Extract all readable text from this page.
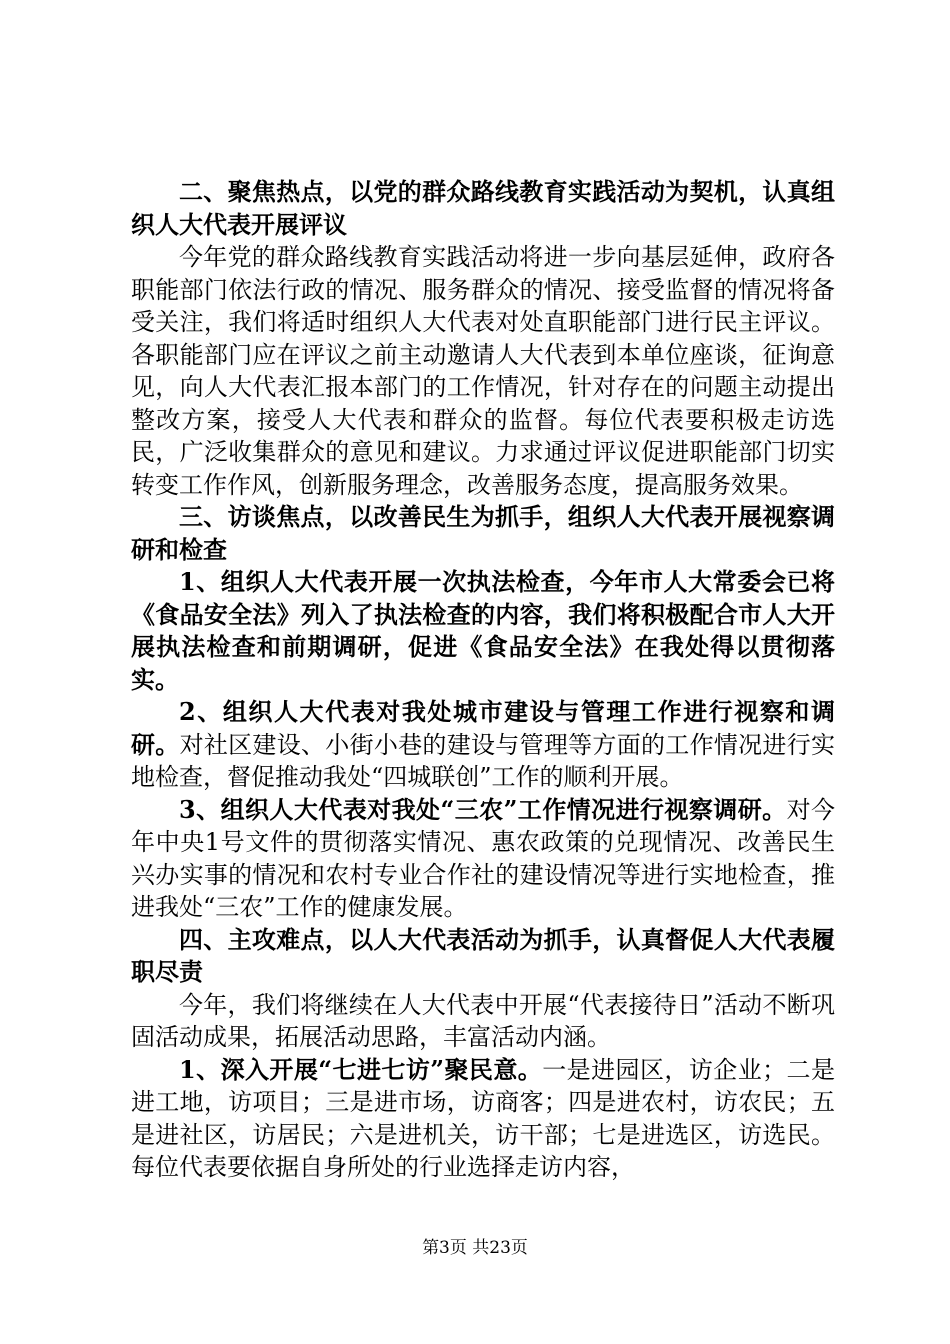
二、聚焦热点，以党的群众路线教育实践活动为契机，认真组织人大代表开展评议

今年党的群众路线教育实践活动将进一步向基层延伸，政府各职能部门依法行政的情况、服务群众的情况、接受监督的情况将备受关注，我们将适时组织人大代表对处直职能部门进行民主评议。各职能部门应在评议之前主动邀请人大代表到本单位座谈，征询意见，向人大代表汇报本部门的工作情况，针对存在的问题主动提出整改方案，接受人大代表和群众的监督。每位代表要积极走访选民，广泛收集群众的意见和建议。力求通过评议促进职能部门切实转变工作作风，创新服务理念，改善服务态度，提高服务效果。

三、访谈焦点，以改善民生为抓手，组织人大代表开展视察调研和检查

1、组织人大代表开展一次执法检查，今年市人大常委会已将《食品安全法》列入了执法检查的内容，我们将积极配合市人大开展执法检查和前期调研，促进《食品安全法》在我处得以贯彻落实。

2、组织人大代表对我处城市建设与管理工作进行视察和调研。对社区建设、小街小巷的建设与管理等方面的工作情况进行实地检查，督促推动我处“四城联创”工作的顺利开展。

3、组织人大代表对我处“三农”工作情况进行视察调研。对今年中央1号文件的贯彻落实情况、惠农政策的兑现情况、改善民生兴办实事的情况和农村专业合作社的建设情况等进行实地检查，推进我处“三农”工作的健康发展。

四、主攻难点，以人大代表活动为抓手，认真督促人大代表履职尽责

今年，我们将继续在人大代表中开展“代表接待日”活动不断巩固活动成果，拓展活动思路，丰富活动内涵。

1、深入开展“七进七访”聚民意。一是进园区，访企业；二是进工地，访项目；三是进市场，访商客；四是进农村，访农民；五是进社区，访居民；六是进机关，访干部；七是进选区，访选民。每位代表要依据自身所处的行业选择走访内容，

第3页 共23页
